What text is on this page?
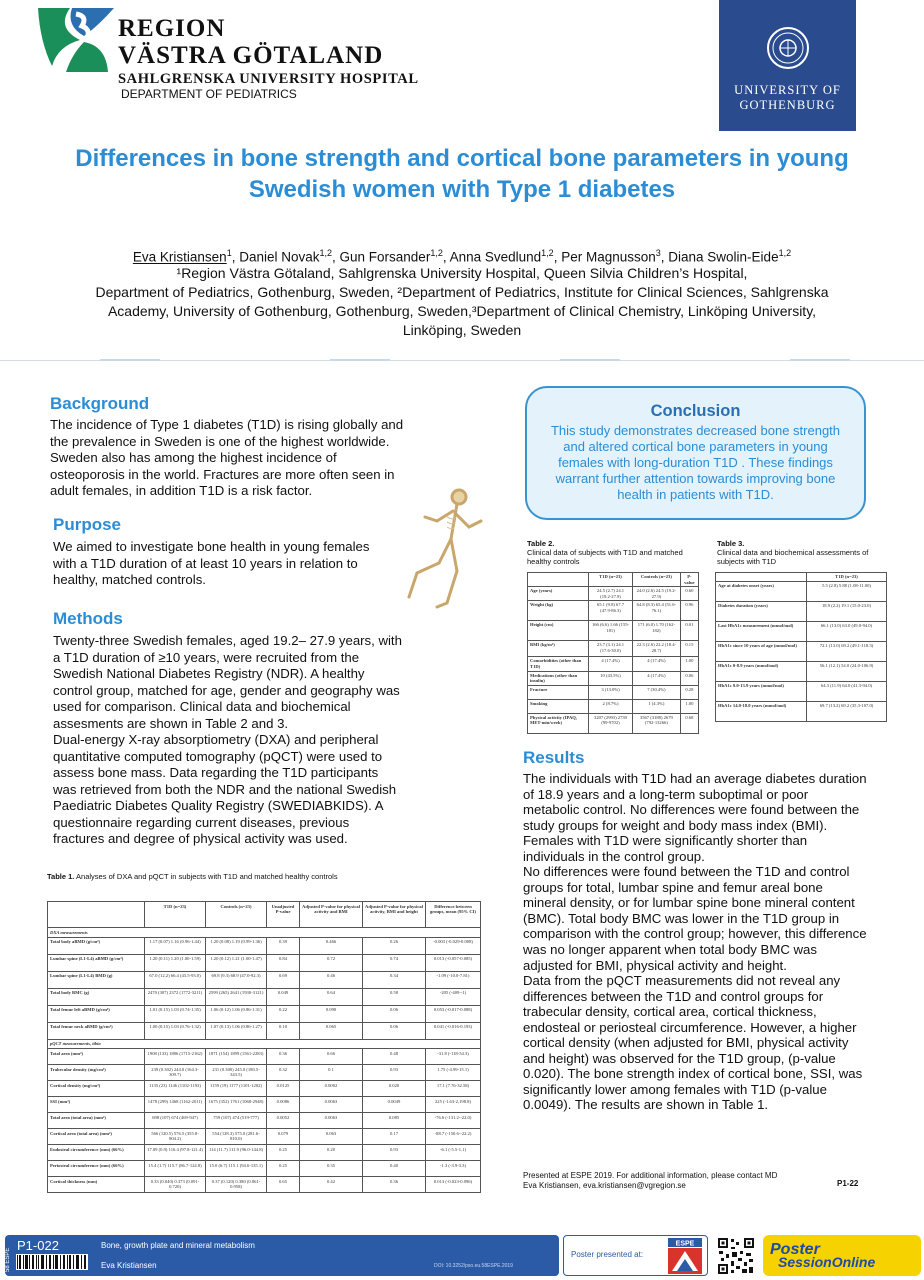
REGION
VÄSTRA GÖTALAND
SAHLGRENSKA UNIVERSITY HOSPITAL
DEPARTMENT OF PEDIATRICS	UNIVERSITY OF
GOTHENBURG
Differences in bone strength and cortical bone parameters in young Swedish women with Type 1 diabetes
Eva Kristiansen$^1$, Daniel Novak$^{1,2}$, Gun Forsander$^{1,2}$, Anna Svedlund$^{1,2}$, Per Magnusson$^3$, Diana Swolin-Eide$^{1,2}$
¹Region Västra Götaland, Sahlgrenska University Hospital, Queen Silvia Children’s Hospital,
Department of Pediatrics, Gothenburg, Sweden, ²Department of Pediatrics, Institute for Clinical Sciences, Sahlgrenska
Academy, University of Gothenburg, Gothenburg, Sweden,³Department of Clinical Chemistry, Linköping University,
Linköping, Sweden
Background
The incidence of Type 1 diabetes (T1D) is rising globally and the prevalence in Sweden is one of the highest worldwide. Sweden also has among the highest incidence of osteoporosis in the world. Fractures are more often seen in adult females, in addition T1D is a risk factor.
Purpose
We aimed to investigate bone health in young females with a T1D duration of at least 10 years in relation to healthy, matched controls.
Methods
Twenty-three Swedish females, aged 19.2– 27.9 years, with a T1D duration of ≥10 years, were recruited from the Swedish National Diabetes Registry (NDR). A healthy control group, matched for age, gender and geography was used for comparison. Clinical data and biochemical assesments are shown in Table 2 and 3.
Dual-energy X-ray absorptiometry (DXA) and peripheral quantitative computed tomography (pQCT) were used to assess bone mass. Data regarding the T1D participants was retrieved from both the NDR and the national Swedish Paediatric Diabetes Quality Registry (SWEDIABKIDS). A questionnaire regarding current diseases, previous fractures and degree of physical activity was used.
Conclusion
This study demonstrates decreased bone strength and altered cortical bone parameters in young females with long-duration T1D . These findings warrant further attention towards improving bone health in patients with T1D.
Table 2.
Clinical data of subjects with T1D and matched healthy controls
	T1D (n=23)	Controls (n=23)	P-value
Age (years)	24.5 (2.7) 24.1 (19.2-27.9)	24.0 (2.6) 24.5 (19.2-27.9)	0.60
Weight (kg)	65.1 (9.8) 67.7 (47.9-86.3)	64.8 (8.3) 65.4 (51.6-76.1)	0.96
Height (cm)	166 (6.6) 1.66 (155-181)	171 (6.0) 1.70 (162-182)	0.01
BMI (kg/m²)	23.7 (3.1) 24.1 (17.6-30.0)	22.3 (2.6) 22.2 (18.4-28.7)	0.15
Comorbidities (other than T1D)	4 (17.4%)	4 (17.4%)	1.00
Medications (other than insulin)	10 (43.5%)	4 (17.4%)	0.06
Fracture	3 (13.0%)	7 (30.4%)	0.28
Smoking	2 (8.7%)	1 (4.3%)	1.00
Physical activity (IPAQ, MET-min/week)	3207 (2993) 2739 (99-9702)	3567 (3188) 2679 (792-13266)	0.68
Table 3.
Clinical data and biochemical assessments of subjects with T1D
	T1D (n=23)
Age at diabetes onset (years)	5.5 (2.8) 5.88 (1.08-11.00)
Diabetes duration (years)	18.9 (2.2) 19.1 (15.0-23.0)
Last HbA1c measurement (mmol/mol)	66.1 (13.0) 63.0 (49.0-94.0)
HbA1c since 10 years of age (mmol/mol)	72.1 (13.0) 69.2 (49.1-118.3)
HbA1c 0-8.9 years (mmol/mol)	56.1 (12.1) 54.0 (24.0-106.9)
HbA1c 9.0-13.9 years (mmol/mol)	64.3 (11.9) 64.0 (41.3-94.0)
HbA1c 14.0-18.0 years (mmol/mol)	69.7 (13.2) 69.2 (35.3-107.0)
Results
The individuals with T1D had an average diabetes duration of 18.9 years and a long-term suboptimal or poor metabolic control. No differences were found between the study groups for weight and body mass index (BMI). Females with T1D were significantly shorter than individuals in the control group.
No differences were found between the T1D and control groups for total, lumbar spine and femur areal bone mineral density, or for lumbar spine bone mineral content (BMC). Total body BMC was lower in the T1D group in comparison with the control group; however, this difference was no longer apparent when total body BMC was adjusted for BMI, physical activity and height.
Data from the pQCT measurements did not reveal any differences between the T1D and control groups for trabecular density, cortical area, cortical thickness, endosteal or periosteal circumference. However, a higher cortical density (when adjusted for BMI, physical activity and height) was observed for the T1D group, (p-value 0.020). The bone strength index of cortical bone, SSI, was significantly lower among females with T1D (p-value 0.0049). The results are shown in Table 1.
Presented at ESPE 2019. For additional information, please contact MD Eva Kristiansen, eva.kristiansen@vgregion.se	P1-22
Table 1. Analyses of DXA and pQCT in subjects with T1D and matched healthy controls
	T1D (n=23)	Controls (n=23)	Unadjusted P-value	Adjusted P-value for physical activity and BMI	Adjusted P-value for physical activity, BMI and height	Difference between groups, mean (95% CI)
DXA measurements						
Total body aBMD (g/cm²)	1.17 (0.07) 1.16 (0.96-1.44)	1.20 (0.08) 1.19 (0.99-1.36)	0.39	0.466	0.26	-0.003 (-0.029-0.008)
Lumbar spine (L1-L4) aBMD (g/cm²)	1.20 (0.11) 1.20 (1.00-1.59)	1.20 (0.12) 1.21 (1.00-1.47)	0.84	0.72	0.74	0.013 (-0.057-0.085)
Lumbar spine (L1-L4) BMD (g)	67.0 (12.2) 66.4 (43.5-93.0)	69.8 (9.3) 68.9 (47.0-92.3)	0.69	0.46	0.34	-1.09 (-10.0-7.81)
Total body BMC (g)	2470 (307) 2372 (1772-3211)	2599 (265) 2641 (1930-3121)	0.049	0.64	0.58	-205 (-409--1)
Total femur left aBMD (g/cm²)	1.01 (0.15) 1.03 (0.74-1.35)	1.06 (0.12) 1.06 (0.86-1.31)	0.22	0.090	0.06	0.053 (-0.017-0.088)
Total femur neck aBMD (g/cm²)	1.00 (0.15) 1.03 (0.76-1.32)	1.07 (0.13) 1.06 (0.86-1.27)	0.10	0.065	0.06	0.041 (-0.016-0.193)
pQCT measurements, tibia						
Total area (mm²)	1908 (133) 1886 (1715-2162)	1871 (154) 1899 (1561-2283)	0.36	0.66	0.48	-31.8 (-118-54.3)
Trabecular density (mg/cm³)	239 (0.302) 244.0 (164.3-309.7)	231 (0.300) 245.0 (180.5-343.5)	0.32	0.1	0.93	1.75 (-4.99-15.1)
Cortical density (mg/cm³)	1135 (23) 1146 (1102-1193)	1159 (19) 1177 (1101-1202)	0.0125	0.0002	0.020	17.1 (7.76-32.58)
SSI (mm³)	1478 (299) 1468 (1162-2011)	1675 (352) 1761 (1068-2948)	0.0086	0.0063	0.0049	225 (-1.63-2,198.8)
Total area (total area) (mm²)	698 (107) 674 (469-947)	759 (107) 474 (519-777)	0.0052	0.0063	0.085	-76.6 (-131.2--22.0)
Cortical area (total area) (mm²)	566 (120.5) 576.5 (355.8-804.2)	554 (128.3) 575.0 (281.6-810.0)	0.079	0.063	0.17	-88.7 (-150.6--22.2)
Endosteal circumference (mm) (66%)	17.09 (0.9) 116.4 (97.8-121.4)	114 (11.7) 111.9 (96.0-144.8)	0.25	0.20	0.93	-6.1 (-5.5-1.1)
Periosteal circumference (mm) (66%)	15.4 (1.7) 115.7 (86.7-124.8)	15.0 (6.7) 115.1 (94.6-135.1)	0.25	0.35	0.40	-1.3 (-3.9-3.3)
Cortical thickness (mm)	0.33 (0.040) 0.373 (0.091-0.720)	0.37 (0.120) 0.380 (0.061-0.958)	0.65	0.42	0.36	0.013 (-0.023-0.096)
58 ESPE
P1-022	Bone, growth plate and mineral metabolism
Eva Kristiansen	DOI: 10.3252/pso.eu.58ESPE.2019
Poster presented at:
ESPE	Poster
SessionOnline
